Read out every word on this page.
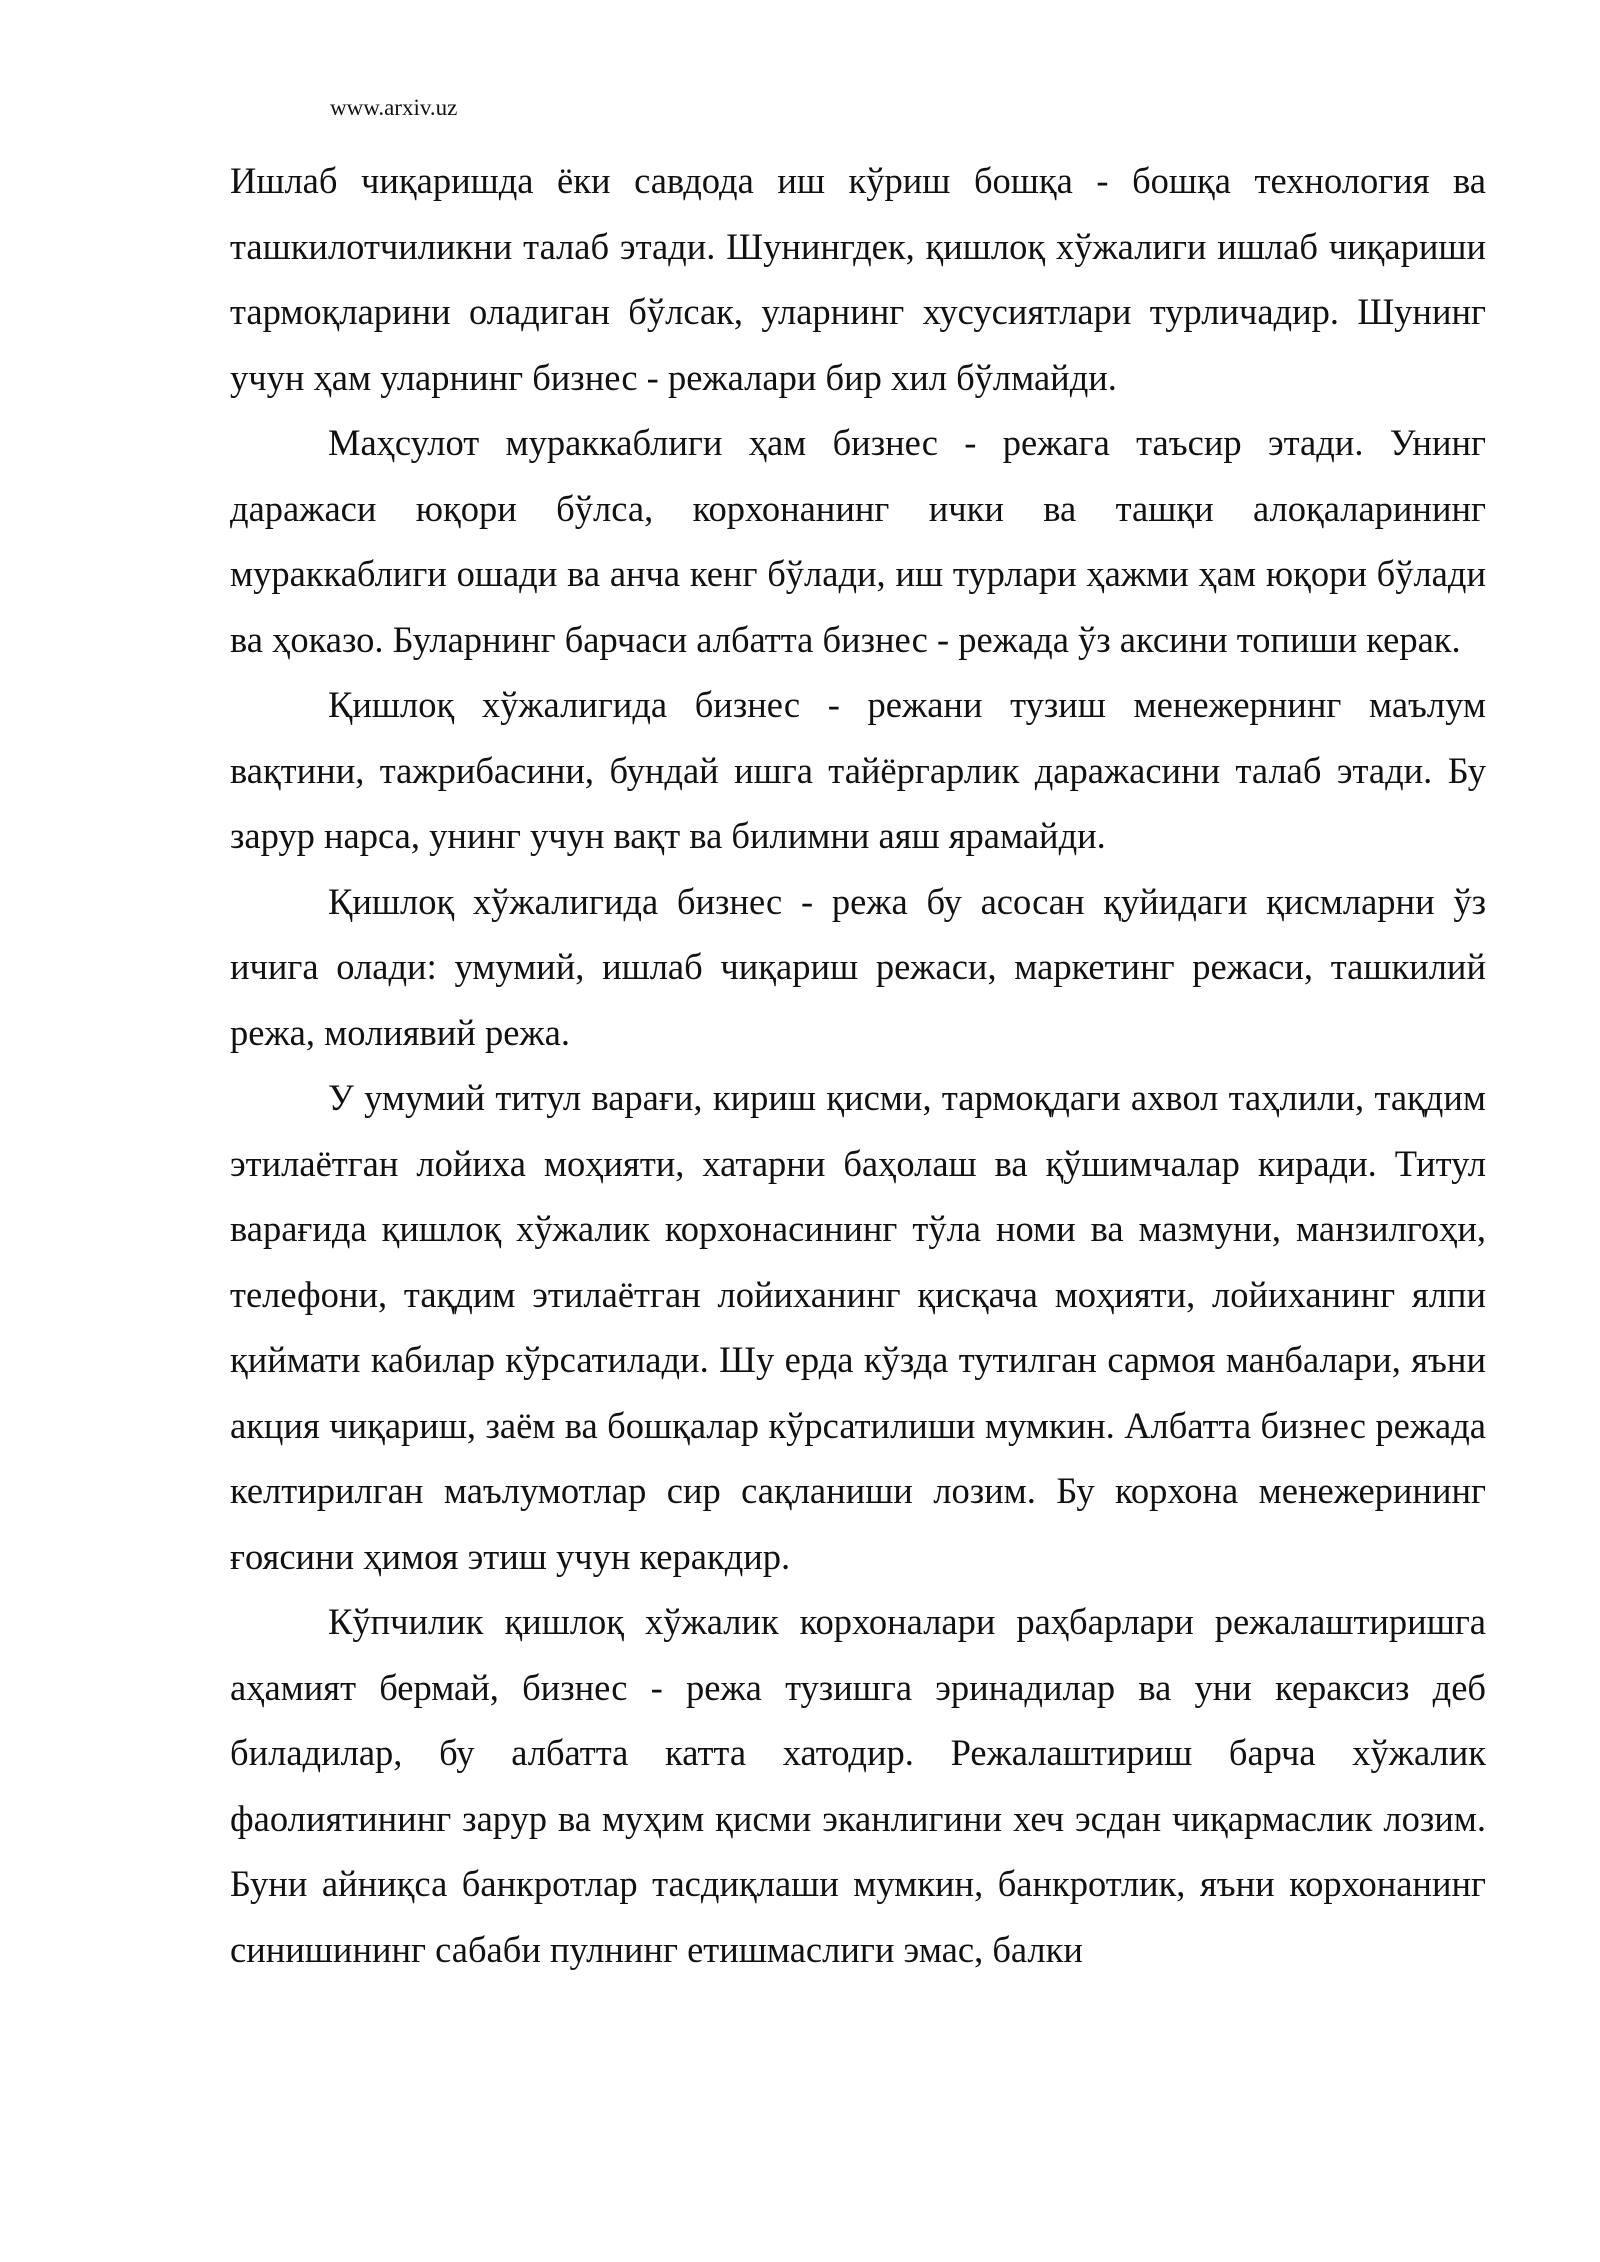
www.arxiv.uz

Ишлаб чиқаришда ёки савдода иш кўриш бошқа - бошқа технология ва ташкилотчиликни талаб этади. Шунингдек, қишлоқ хўжалиги ишлаб чиқариши тармоқларини оладиган бўлсак, уларнинг хусусиятлари турличадир. Шунинг учун ҳам уларнинг бизнес - режалари бир хил бўлмайди.

Маҳсулот мураккаблиги ҳам бизнес - режага таъсир этади. Унинг даражаси юқори бўлса, корхонанинг ички ва ташқи алоқаларининг мураккаблиги ошади ва анча кенг бўлади, иш турлари ҳажми ҳам юқори бўлади ва ҳоказо. Буларнинг барчаси албатта бизнес - режада ўз аксини топиши керак.

Қишлоқ хўжалигида бизнес - режани тузиш менежернинг маълум вақтини, тажрибасини, бундай ишга тайёргарлик даражасини талаб этади. Бу зарур нарса, унинг учун вақт ва билимни аяш ярамайди.

Қишлоқ хўжалигида бизнес - режа бу асосан қуйидаги қисмларни ўз ичига олади: умумий, ишлаб чиқариш режаси, маркетинг режаси, ташкилий режа, молиявий режа.

У умумий титул варағи, кириш қисми, тармоқдаги ахвол таҳлили, тақдим этилаётган лойиха моҳияти, хатарни баҳолаш ва қўшимчалар киради. Титул варағида қишлоқ хўжалик корхонасининг тўла номи ва мазмуни, манзилгоҳи, телефони, тақдим этилаётган лойиханинг қисқача моҳияти, лойиханинг ялпи қиймати кабилар кўрсатилади. Шу ерда кўзда тутилган сармоя манбалари, яъни акция чиқариш, заём ва бошқалар кўрсатилиши мумкин. Албатта бизнес режада келтирилган маълумотлар сир сақланиши лозим. Бу корхона менежерининг ғоясини ҳимоя этиш учун керакдир.

Кўпчилик қишлоқ хўжалик корхоналари раҳбарлари режалаштиришга аҳамият бермай, бизнес - режа тузишга эринадилар ва уни кераксиз деб биладилар, бу албатта катта хатодир. Режалаштириш барча хўжалик фаолиятининг зарур ва муҳим қисми эканлигини хеч эсдан чиқармаслик лозим. Буни айниқса банкротлар тасдиқлаши мумкин, банкротлик, яъни корхонанинг синишининг сабаби пулнинг етишмаслиги эмас, балки
